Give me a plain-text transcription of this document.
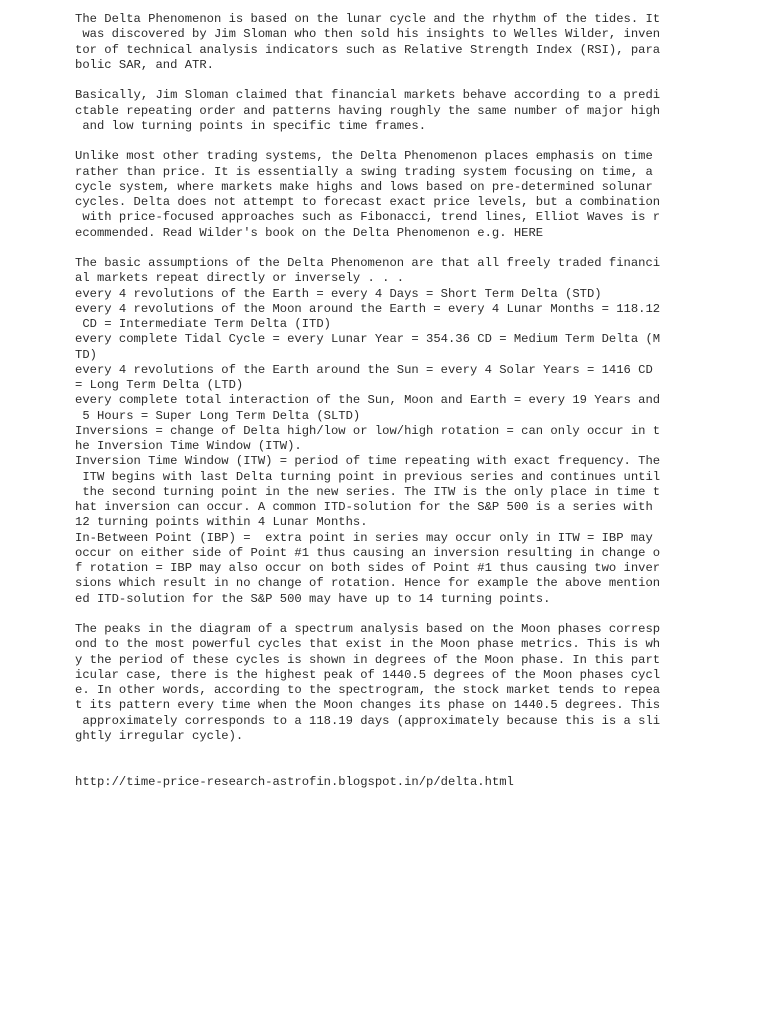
The Delta Phenomenon is based on the lunar cycle and the rhythm of the tides. It
was discovered by Jim Sloman who then sold his insights to Welles Wilder, inven
tor of technical analysis indicators such as Relative Strength Index (RSI), para
bolic SAR, and ATR.
Basically, Jim Sloman claimed that financial markets behave according to a predi
ctable repeating order and patterns having roughly the same number of major high
and low turning points in specific time frames.
Unlike most other trading systems, the Delta Phenomenon places emphasis on time
rather than price. It is essentially a swing trading system focusing on time, a
cycle system, where markets make highs and lows based on pre-determined solunar
cycles. Delta does not attempt to forecast exact price levels, but a combination
with price-focused approaches such as Fibonacci, trend lines, Elliot Waves is r
ecommended. Read Wilder's book on the Delta Phenomenon e.g. HERE
The basic assumptions of the Delta Phenomenon are that all freely traded financi
al markets repeat directly or inversely . . .
every 4 revolutions of the Earth = every 4 Days = Short Term Delta (STD)
every 4 revolutions of the Moon around the Earth = every 4 Lunar Months = 118.12
CD = Intermediate Term Delta (ITD)
every complete Tidal Cycle = every Lunar Year = 354.36 CD = Medium Term Delta (M
TD)
every 4 revolutions of the Earth around the Sun = every 4 Solar Years = 1416 CD
= Long Term Delta (LTD)
every complete total interaction of the Sun, Moon and Earth = every 19 Years and
5 Hours = Super Long Term Delta (SLTD)
Inversions = change of Delta high/low or low/high rotation = can only occur in t
he Inversion Time Window (ITW).
Inversion Time Window (ITW) = period of time repeating with exact frequency. The
ITW begins with last Delta turning point in previous series and continues until
the second turning point in the new series. The ITW is the only place in time t
hat inversion can occur. A common ITD-solution for the S&P 500 is a series with
12 turning points within 4 Lunar Months.
In-Between Point (IBP) =  extra point in series may occur only in ITW = IBP may
occur on either side of Point #1 thus causing an inversion resulting in change o
f rotation = IBP may also occur on both sides of Point #1 thus causing two inver
sions which result in no change of rotation. Hence for example the above mention
ed ITD-solution for the S&P 500 may have up to 14 turning points.
The peaks in the diagram of a spectrum analysis based on the Moon phases corresp
ond to the most powerful cycles that exist in the Moon phase metrics. This is wh
y the period of these cycles is shown in degrees of the Moon phase. In this part
icular case, there is the highest peak of 1440.5 degrees of the Moon phases cycl
e. In other words, according to the spectrogram, the stock market tends to repea
t its pattern every time when the Moon changes its phase on 1440.5 degrees. This
approximately corresponds to a 118.19 days (approximately because this is a sli
ghtly irregular cycle).
http://time-price-research-astrofin.blogspot.in/p/delta.html
